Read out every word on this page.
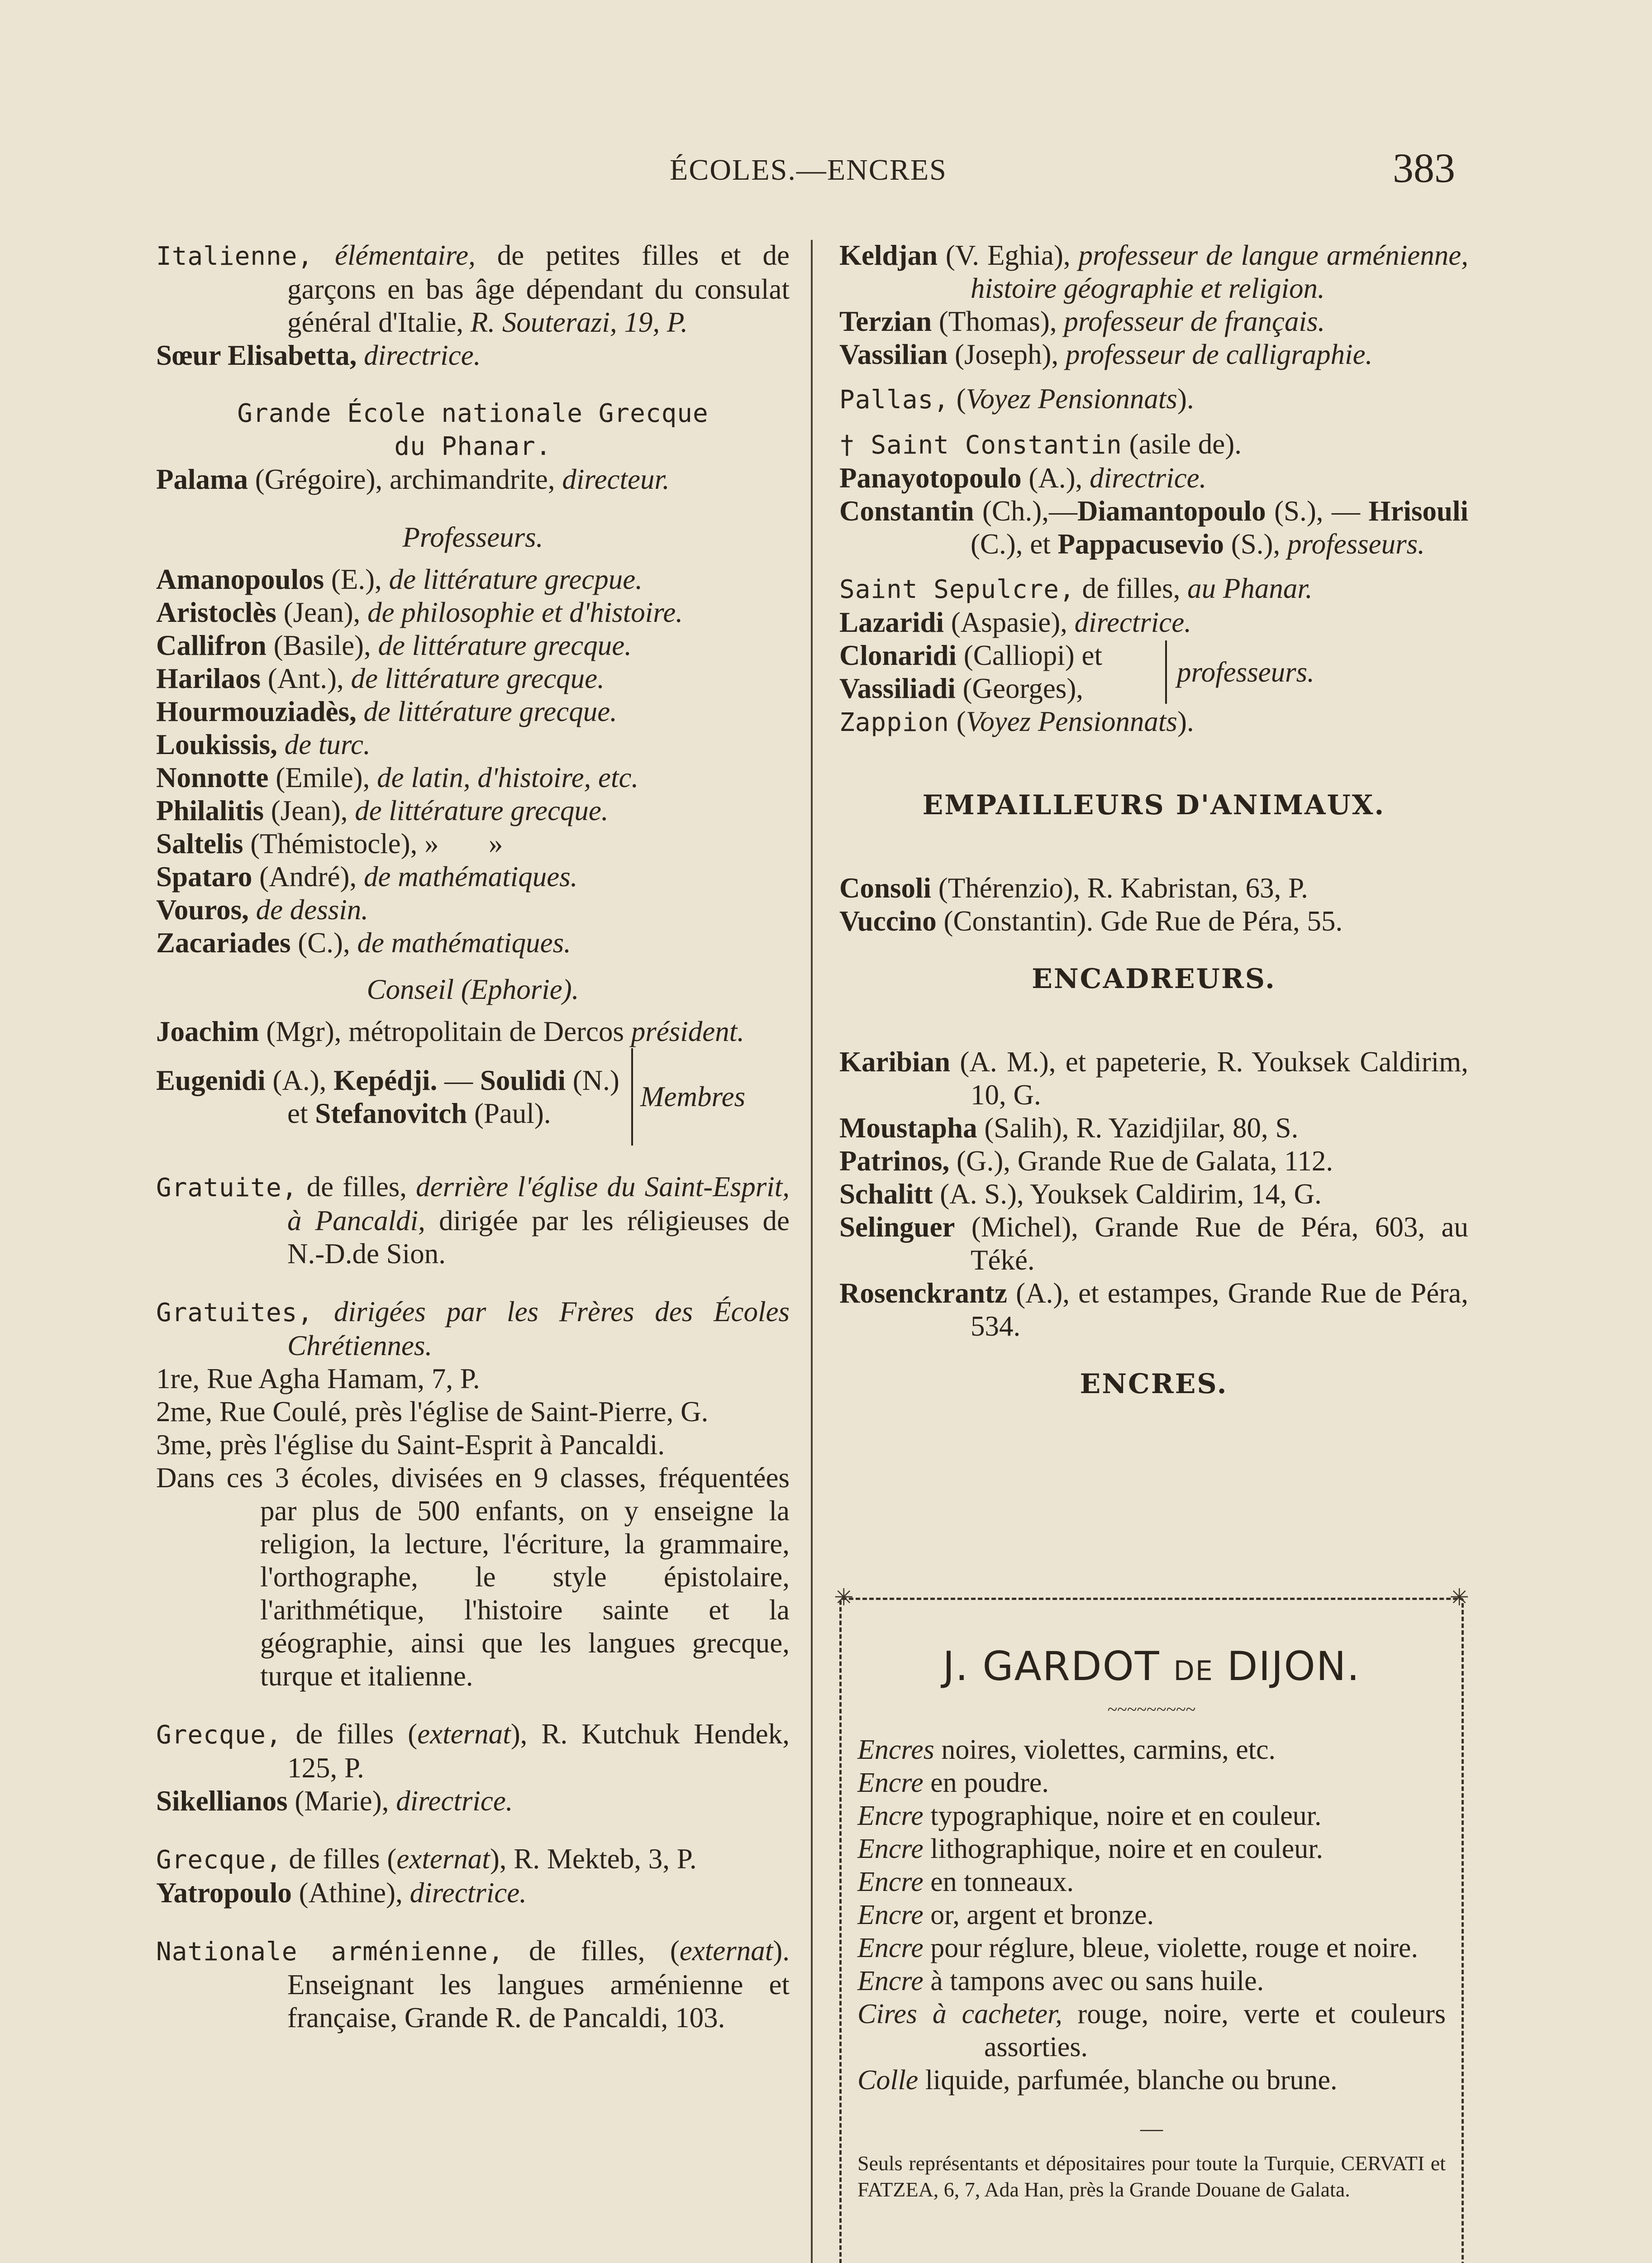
ÉCOLES.—ENCRES	383

Italienne, élémentaire, de petites filles et de garçons en bas âge dépendant du consulat général d'Italie, R. Souterazi, 19, P.

Sœur Elisabetta, directrice.

Grande École nationale Grecque

du Phanar.

Palama (Grégoire), archimandrite, directeur.

Professeurs.

Amanopoulos (E.), de littérature grecpue.

Aristoclès (Jean), de philosophie et d'histoire.

Callifron (Basile), de littérature grecque.

Harilaos (Ant.), de littérature grecque.

Hourmouziadès, de littérature grecque.

Loukissis, de turc.

Nonnotte (Emile), de latin, d'histoire, etc.

Philalitis (Jean), de littérature grecque.

Saltelis (Thémistocle), »       »

Spataro (André), de mathématiques.

Vouros, de dessin.

Zacariades (C.), de mathématiques.

Conseil (Ephorie).

Joachim (Mgr), métropolitain de Dercos président.

Eugenidi (A.), Kepédji. — Soulidi (N.) et Stefanovitch (Paul).

Membres

Gratuite, de filles, derrière l'église du Saint-Esprit, à Pancaldi, dirigée par les réligieuses de N.-D.de Sion.

Gratuites, dirigées par les Frères des Écoles Chrétiennes.

1re, Rue Agha Hamam, 7, P.

2me, Rue Coulé, près l'église de Saint-Pierre, G.

3me, près l'église du Saint-Esprit à Pancaldi.

Dans ces 3 écoles, divisées en 9 classes, fréquentées par plus de 500 enfants, on y enseigne la religion, la lecture, l'écriture, la grammaire, l'orthographe, le style épistolaire, l'arithmétique, l'histoire sainte et la géographie, ainsi que les langues grecque, turque et italienne.

Grecque, de filles (externat), R. Kutchuk Hendek, 125, P.

Sikellianos (Marie), directrice.

Grecque, de filles (externat), R. Mekteb, 3, P.

Yatropoulo (Athine), directrice.

Nationale arménienne, de filles, (externat). Enseignant les langues arménienne et française, Grande R. de Pancaldi, 103.

Keldjan (V. Eghia), professeur de langue arménienne, histoire géographie et religion.

Terzian (Thomas), professeur de français.

Vassilian (Joseph), professeur de calligraphie.

Pallas, (Voyez Pensionnats).

† Saint Constantin (asile de).

Panayotopoulo (A.), directrice.

Constantin (Ch.),—Diamantopoulo (S.), — Hrisouli (C.), et Pappacusevio (S.), professeurs.

Saint Sepulcre, de filles, au Phanar.

Lazaridi (Aspasie), directrice.

Clonaridi (Calliopi) et

Vassiliadi (Georges),

professeurs.

Zappion (Voyez Pensionnats).

EMPAILLEURS D'ANIMAUX.

Consoli (Thérenzio), R. Kabristan, 63, P.

Vuccino (Constantin). Gde Rue de Péra, 55.

ENCADREURS.

Karibian (A. M.), et papeterie, R. Youksek Caldirim, 10, G.

Moustapha (Salih), R. Yazidjilar, 80, S.

Patrinos, (G.), Grande Rue de Galata, 112.

Schalitt (A. S.), Youksek Caldirim, 14, G.

Selinguer (Michel), Grande Rue de Péra, 603, au Téké.

Rosenckrantz (A.), et estampes, Grande Rue de Péra, 534.

ENCRES.

✳	✳

J. GARDOT DE DIJON.

~~~~~~~~~

Encres noires, violettes, carmins, etc.

Encre en poudre.

Encre typographique, noire et en couleur.

Encre lithographique, noire et en couleur.

Encre en tonneaux.

Encre or, argent et bronze.

Encre pour réglure, bleue, violette, rouge et noire.

Encre à tampons avec ou sans huile.

Cires à cacheter, rouge, noire, verte et couleurs assorties.

Colle liquide, parfumée, blanche ou brune.

—

Seuls représentants et dépositaires pour toute la Turquie, CERVATI et FATZEA, 6, 7, Ada Han, près la Grande Douane de Galata.
